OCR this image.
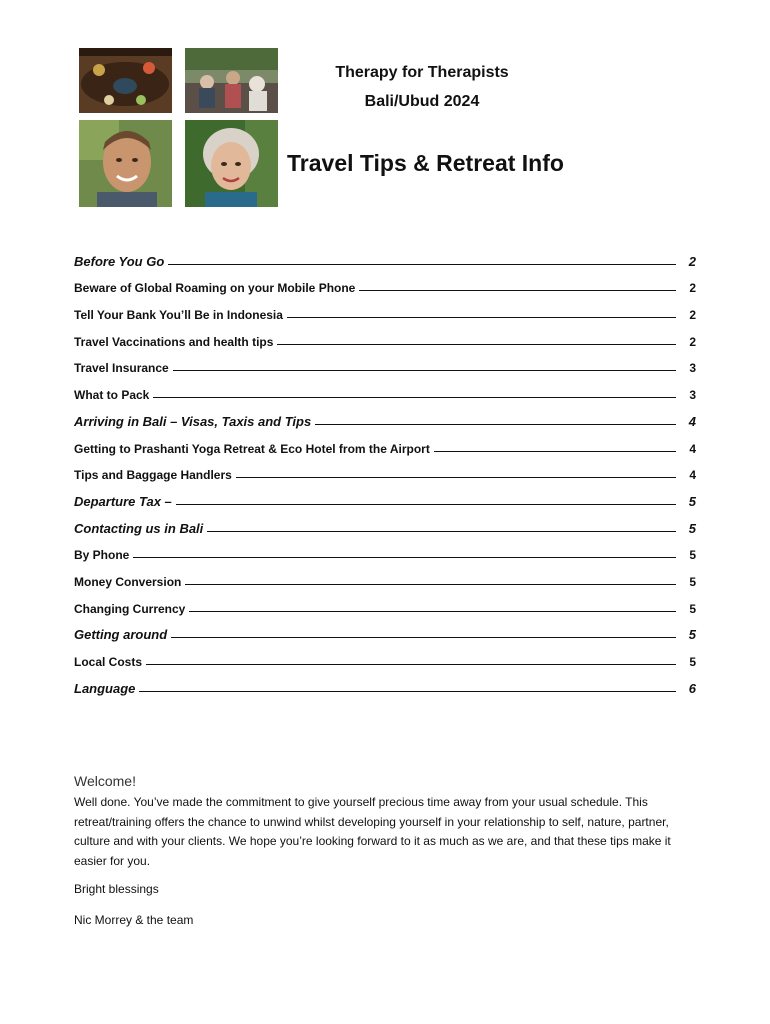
Therapy for Therapists
Bali/Ubud 2024
Travel Tips & Retreat Info
Before You Go	2
Beware of Global Roaming on your Mobile Phone	2
Tell Your Bank You’ll Be in Indonesia	2
Travel Vaccinations and health tips	2
Travel Insurance	3
What to Pack	3
Arriving in Bali – Visas, Taxis and Tips	4
Getting to Prashanti Yoga Retreat & Eco Hotel from the Airport	4
Tips and Baggage Handlers	4
Departure Tax –	5
Contacting us in Bali	5
By Phone	5
Money Conversion	5
Changing Currency	5
Getting around	5
Local Costs	5
Language	6
Welcome!

Well done. You’ve made the commitment to give yourself precious time away from your usual schedule. This retreat/training offers the chance to unwind whilst developing yourself in your relationship to self, nature, partner, culture and with your clients. We hope you’re looking forward to it as much as we are, and that these tips make it easier for you.

Bright blessings
Nic Morrey & the team
